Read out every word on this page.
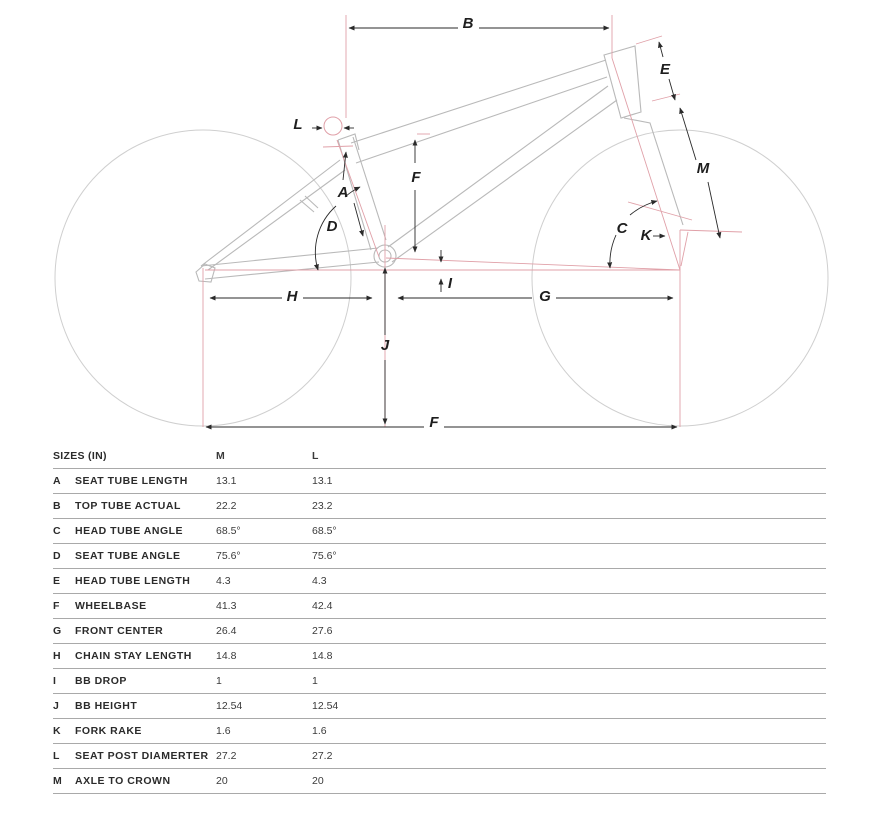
B
E
L
M
F
A
D	C K
I
H	G
J
F
SIZES (IN)		M	L
A	SEAT TUBE LENGTH	13.1	13.1
B	TOP TUBE ACTUAL	22.2	23.2
C	HEAD TUBE ANGLE	68.5°	68.5°
D	SEAT TUBE ANGLE	75.6°	75.6°
E	HEAD TUBE LENGTH	4.3	4.3
F	WHEELBASE	41.3	42.4
G	FRONT CENTER	26.4	27.6
H	CHAIN STAY LENGTH	14.8	14.8
I	BB DROP	1	1
J	BB HEIGHT	12.54	12.54
K	FORK RAKE	1.6	1.6
L	SEAT POST DIAMERTER	27.2	27.2
M	AXLE TO CROWN	20	20
